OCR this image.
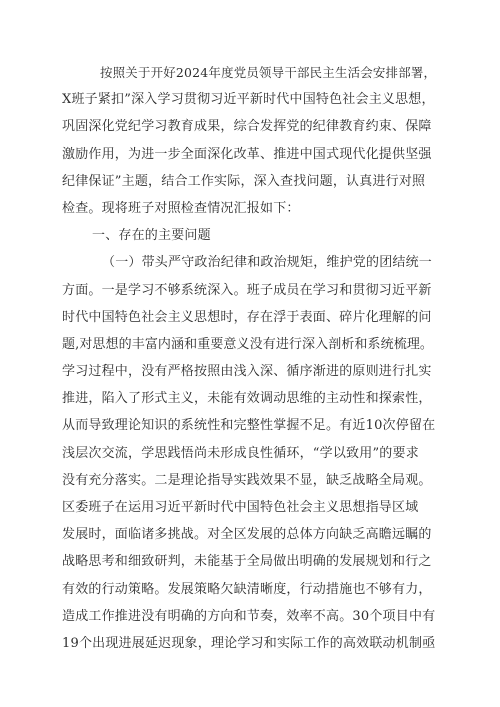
按照关于开好2024年度党员领导干部民主生活会安排部署，
X班子紧扣”深入学习贯彻习近平新时代中国特色社会主义思想，
巩固深化党纪学习教育成果，综合发挥党的纪律教育约束、保障
激励作用，为进一步全面深化改革、推进中国式现代化提供坚强
纪律保证”主题，结合工作实际，深入查找问题，认真进行对照
检查。现将班子对照检查情况汇报如下：
一、存在的主要问题
（一）带头严守政治纪律和政治规矩，维护党的团结统一
方面。一是学习不够系统深入。班子成员在学习和贯彻习近平新
时代中国特色社会主义思想时，存在浮于表面、碎片化理解的问
题,对思想的丰富内涵和重要意义没有进行深入剖析和系统梳理。
学习过程中，没有严格按照由浅入深、循序渐进的原则进行扎实
推进，陷入了形式主义，未能有效调动思维的主动性和探索性，
从而导致理论知识的系统性和完整性掌握不足。有近10次停留在
浅层次交流，学思践悟尚未形成良性循环，“学以致用”的要求
没有充分落实。二是理论指导实践效果不显，缺乏战略全局观。
区委班子在运用习近平新时代中国特色社会主义思想指导区域
发展时，面临诸多挑战。对全区发展的总体方向缺乏高瞻远瞩的
战略思考和细致研判，未能基于全局做出明确的发展规划和行之
有效的行动策略。发展策略欠缺清晰度，行动措施也不够有力，
造成工作推进没有明确的方向和节奏，效率不高。30个项目中有
19个出现进展延迟现象，理论学习和实际工作的高效联动机制亟
